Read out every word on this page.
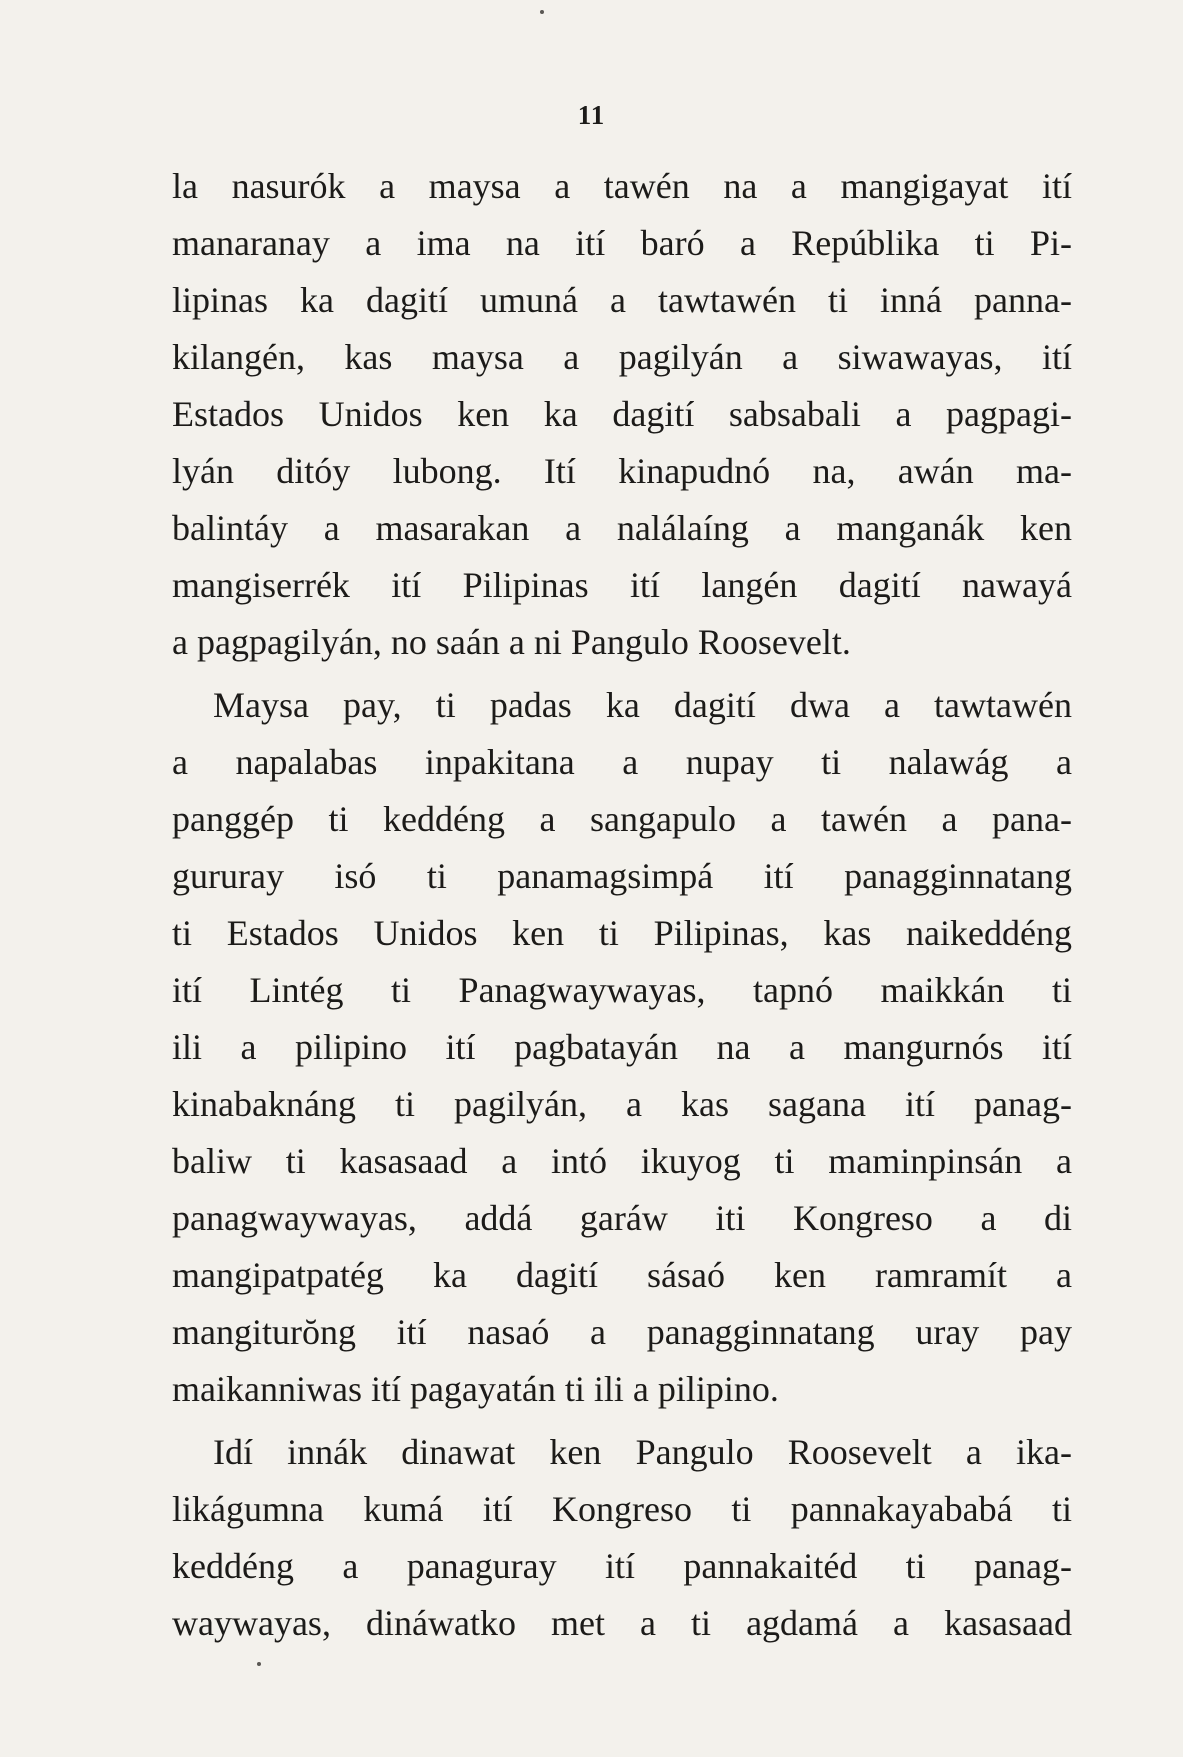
11
la nasurók a maysa a tawén na a mangigayat ití
manaranay a ima na ití baró a Repúblika ti Pi-
lipinas ka dagití umuná a tawtawén ti inná panna-
kilangén, kas maysa a pagilyán a siwawayas, ití
Estados Unidos ken ka dagití sabsabali a pagpagi-
lyán ditóy lubong. Ití kinapudnó na, awán ma-
balintáy a masarakan a nalálaíng a manganák ken
mangiserrék ití Pilipinas ití langén dagití nawayá
a pagpagilyán, no saán a ni Pangulo Roosevelt.
Maysa pay, ti padas ka dagití dwa a tawtawén
a napalabas inpakitana a nupay ti nalawág a
panggép ti keddéng a sangapulo a tawén a pana-
gururay isó ti panamagsimpá ití panagginnatang
ti Estados Unidos ken ti Pilipinas, kas naikeddéng
ití Lintég ti Panagwaywayas, tapnó maikkán ti
ili a pilipino ití pagbatayán na a mangurnós ití
kinabaknáng ti pagilyán, a kas sagana ití panag-
baliw ti kasasaad a intó ikuyog ti maminpinsán a
panagwaywayas, addá garáw iti Kongreso a di
mangipatpatég ka dagití sásaó ken ramramít a
mangiturŏng ití nasaó a panagginnatang uray pay
maikanniwas ití pagayatán ti ili a pilipino.
Idí innák dinawat ken Pangulo Roosevelt a ika-
likágumna kumá ití Kongreso ti pannakayababá ti
keddéng a panaguray ití pannakaitéd ti panag-
waywayas, dináwatko met a ti agdamá a kasasaad
